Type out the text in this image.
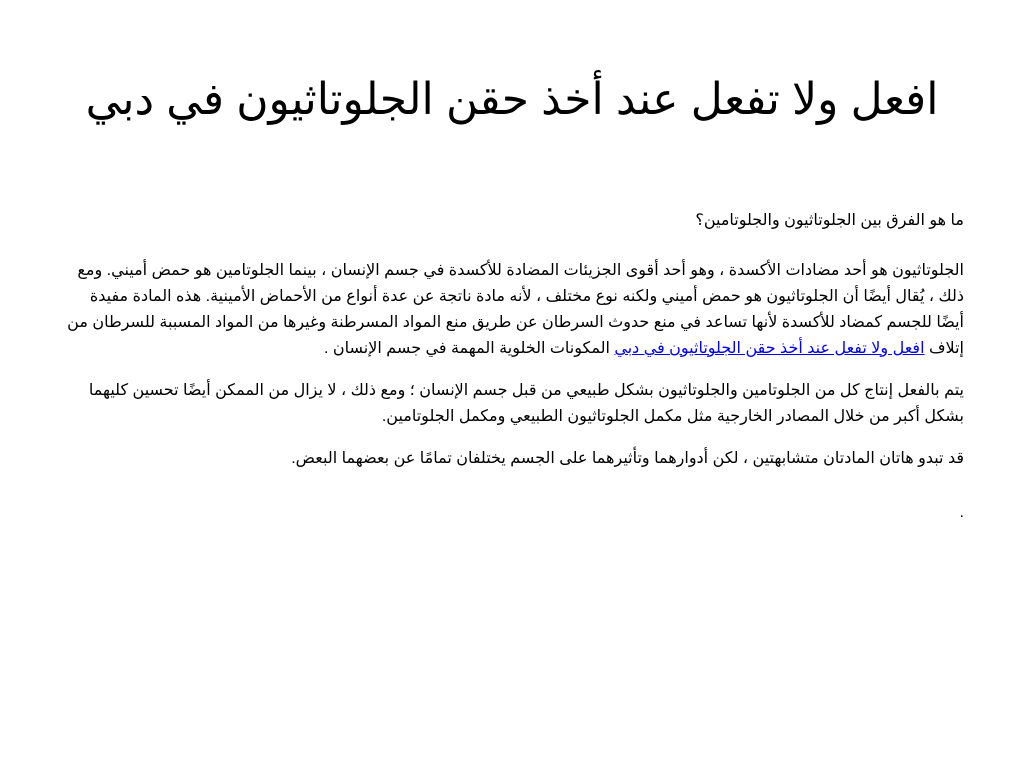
افعل ولا تفعل عند أخذ حقن الجلوتاثيون في دبي

ما هو الفرق بين الجلوتاثيون والجلوتامين؟

الجلوتاثيون هو أحد مضادات الأكسدة ، وهو أحد أقوى الجزيئات المضادة للأكسدة في جسم الإنسان ، بينما الجلوتامين هو حمض أميني. ومع ذلك ، يُقال أيضًا أن الجلوتاثيون هو حمض أميني ولكنه نوع مختلف ، لأنه مادة ناتجة عن عدة أنواع من الأحماض الأمينية. هذه المادة مفيدة أيضًا للجسم كمضاد للأكسدة لأنها تساعد في منع حدوث السرطان عن طريق منع المواد المسرطنة وغيرها من المواد المسببة للسرطان من إتلاف افعل ولا تفعل عند أخذ حقن الجلوتاثيون في دبي المكونات الخلوية المهمة في جسم الإنسان .

يتم بالفعل إنتاج كل من الجلوتامين والجلوتاثيون بشكل طبيعي من قبل جسم الإنسان ؛ ومع ذلك ، لا يزال من الممكن أيضًا تحسين كليهما بشكل أكبر من خلال المصادر الخارجية مثل مكمل الجلوتاثيون الطبيعي ومكمل الجلوتامين.

قد تبدو هاتان المادتان متشابهتين ، لكن أدوارهما وتأثيرهما على الجسم يختلفان تمامًا عن بعضهما البعض.

.
